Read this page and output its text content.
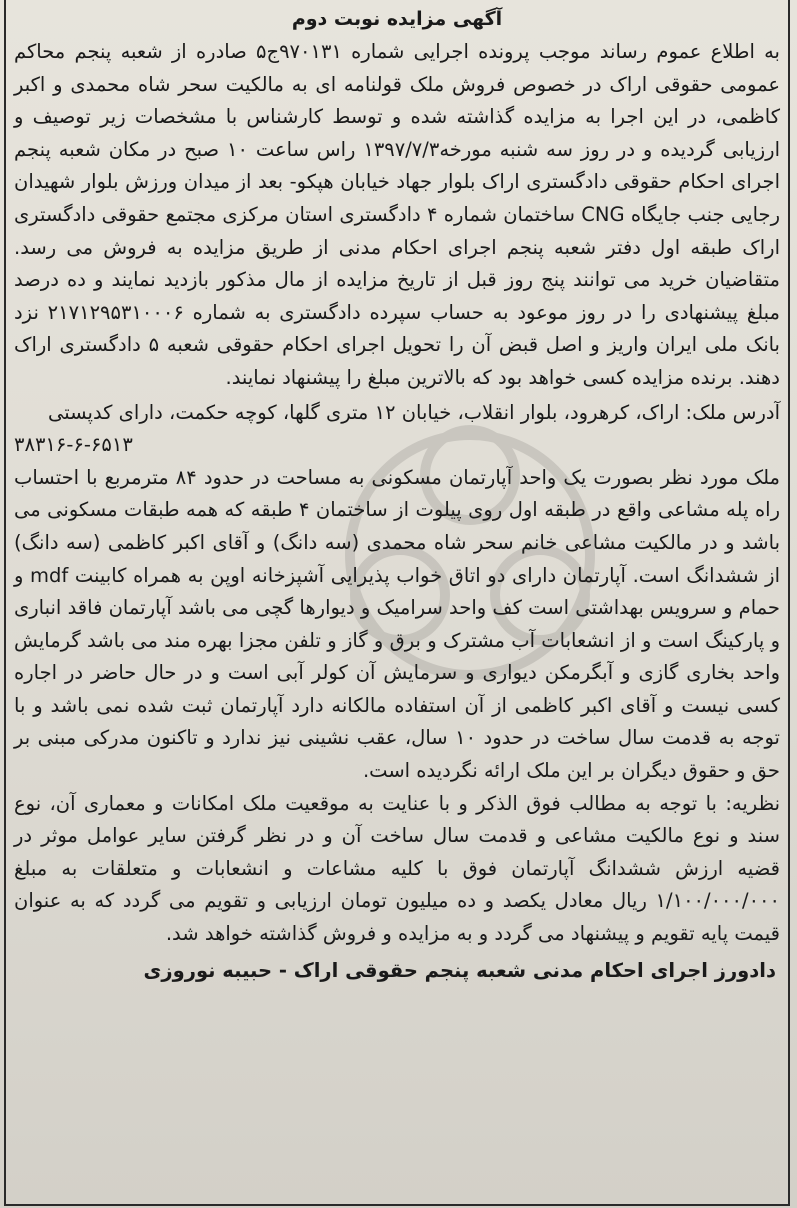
آگهی مزایده نوبت دوم

به اطلاع عموم رساند موجب پرونده اجرایی شماره ۹۷۰۱۳۱ج۵ صادره از شعبه پنجم محاکم عمومی حقوقی اراک در خصوص فروش ملک قولنامه ای به مالکیت سحر شاه محمدی و اکبر کاظمی، در این اجرا به مزایده گذاشته شده و توسط کارشناس با مشخصات زیر توصیف و ارزیابی گردیده و در روز سه شنبه مورخه۱۳۹۷/۷/۳ راس ساعت ۱۰ صبح در مکان شعبه پنجم اجرای احکام حقوقی دادگستری اراک بلوار جهاد خیابان هپکو- بعد از میدان ورزش بلوار شهیدان رجایی جنب جایگاه CNG ساختمان شماره ۴ دادگستری استان مرکزی مجتمع حقوقی دادگستری اراک طبقه اول دفتر شعبه پنجم اجرای احکام مدنی از طریق مزایده به فروش می رسد. متقاضیان خرید می توانند پنج روز قبل از تاریخ مزایده از مال مذکور بازدید نمایند و ده درصد مبلغ پیشنهادی را در روز موعود به حساب سپرده دادگستری به شماره ۲۱۷۱۲۹۵۳۱۰۰۰۶ نزد بانک ملی ایران واریز و اصل قبض آن را تحویل اجرای احکام حقوقی شعبه ۵ دادگستری اراک دهند. برنده مزایده کسی خواهد بود که بالاترین مبلغ را پیشنهاد نمایند.

آدرس ملک: اراک، کرهرود، بلوار انقلاب، خیابان ۱۲ متری گلها، کوچه حکمت، دارای کدپستی

۳۸۳۱۶-۶-۶۵۱۳

ملک مورد نظر بصورت یک واحد آپارتمان مسکونی به مساحت در حدود ۸۴ مترمربع با احتساب راه پله مشاعی واقع در طبقه اول روی پیلوت از ساختمان ۴ طبقه که همه طبقات مسکونی می باشد و در مالکیت مشاعی خانم سحر شاه محمدی (سه دانگ) و آقای اکبر کاظمی (سه دانگ) از ششدانگ است. آپارتمان دارای دو اتاق خواب پذیرایی آشپزخانه اوپن به همراه کابینت mdf و حمام و سرویس بهداشتی است کف واحد سرامیک و دیوارها گچی می باشد آپارتمان فاقد انباری و پارکینگ است و از انشعابات آب مشترک و برق و گاز و تلفن مجزا بهره مند می باشد گرمایش واحد بخاری گازی و آبگرمکن دیواری و سرمایش آن کولر آبی است و در حال حاضر در اجاره کسی نیست و آقای اکبر کاظمی از آن استفاده مالکانه دارد آپارتمان ثبت شده نمی باشد و با توجه به قدمت سال ساخت در حدود ۱۰ سال، عقب نشینی نیز ندارد و تاکنون مدرکی مبنی بر حق و حقوق دیگران بر این ملک ارائه نگردیده است.

نظریه: با توجه به مطالب فوق الذکر و با عنایت به موقعیت ملک امکانات و معماری آن، نوع سند و نوع مالکیت مشاعی و قدمت سال ساخت آن و در نظر گرفتن سایر عوامل موثر در قضیه ارزش ششدانگ آپارتمان فوق با کلیه مشاعات و انشعابات و متعلقات به مبلغ ۱/۱۰۰/۰۰۰/۰۰۰ ریال معادل یکصد و ده میلیون تومان ارزیابی و تقویم می گردد که به عنوان قیمت پایه تقویم و پیشنهاد می گردد و به مزایده و فروش گذاشته خواهد شد.

دادورز اجرای احکام مدنی شعبه پنجم حقوقی اراک - حبیبه نوروزی
